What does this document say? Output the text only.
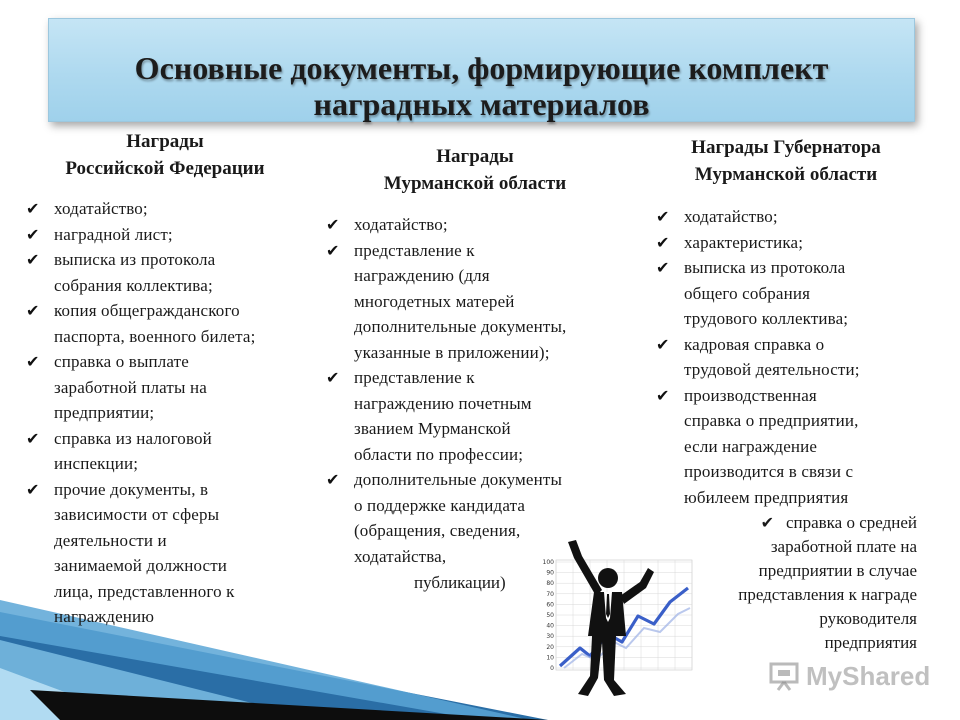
Основные документы, формирующие комплект
наградных материалов
Награды
Российской Федерации
✔ ходатайство;
✔ наградной лист;
✔ выписка из протокола
собрания коллектива;
✔ копия общегражданского
паспорта, военного билета;
✔ справка о выплате
заработной платы на
предприятии;
✔ справка из налоговой
инспекции;
✔ прочие документы, в
зависимости от сферы
деятельности и
занимаемой должности
лица, представленного к
награждению
Награды
Мурманской области
✔ ходатайство;
✔ представление к
награждению (для
многодетных матерей
дополнительные документы,
указанные в приложении);
✔ представление к
награждению почетным
званием Мурманской
области по профессии;
✔ дополнительные документы
о поддержке кандидата
(обращения, сведения,
ходатайства,
публикации)
Награды Губернатора
Мурманской области
✔ ходатайство;
✔ характеристика;
✔ выписка из протокола
общего собрания
трудового коллектива;
✔ кадровая справка о
трудовой деятельности;
✔ производственная
справка о предприятии,
если награждение
производится в связи с
юбилеем предприятия
✔ справка о средней
заработной плате на
предприятии в случае
представления к награде
руководителя
предприятия
100
90
80
70
60
50
40
30
20
10
0	MyShared
